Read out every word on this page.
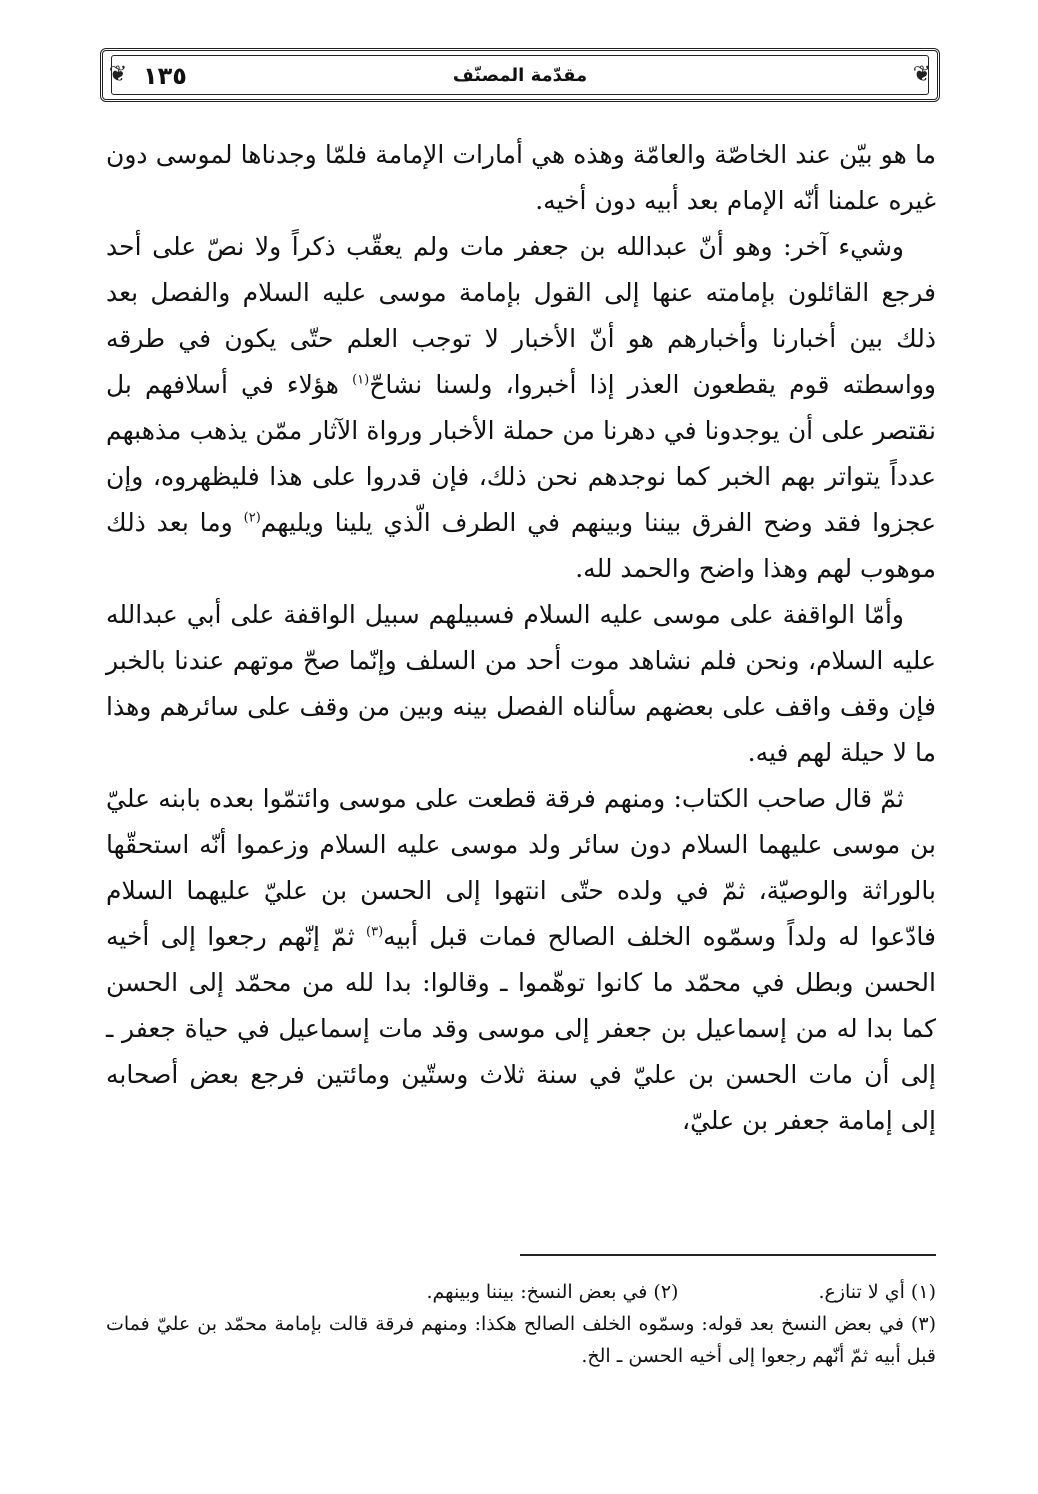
❦ ١٣٥	مقدّمة المصنّف	❦

ما هو بيّن عند الخاصّة والعامّة وهذه هي أمارات الإمامة فلمّا وجدناها لموسى دون غيره علمنا أنّه الإمام بعد أبيه دون أخيه.

وشيء آخر: وهو أنّ عبدالله بن جعفر مات ولم يعقّب ذكراً ولا نصّ على أحد فرجع القائلون بإمامته عنها إلى القول بإمامة موسى عليه السلام والفصل بعد ذلك بين أخبارنا وأخبارهم هو أنّ الأخبار لا توجب العلم حتّى يكون في طرقه وواسطته قوم يقطعون العذر إذا أخبروا، ولسنا نشاحّ$^{(١)}$ هؤلاء في أسلافهم بل نقتصر على أن يوجدونا في دهرنا من حملة الأخبار ورواة الآثار ممّن يذهب مذهبهم عدداً يتواتر بهم الخبر كما نوجدهم نحن ذلك، فإن قدروا على هذا فليظهروه، وإن عجزوا فقد وضح الفرق بيننا وبينهم في الطرف الّذي يلينا ويليهم$^{(٢)}$ وما بعد ذلك موهوب لهم وهذا واضح والحمد لله.

وأمّا الواقفة على موسى عليه السلام فسبيلهم سبيل الواقفة على أبي عبدالله عليه السلام، ونحن فلم نشاهد موت أحد من السلف وإنّما صحّ موتهم عندنا بالخبر فإن وقف واقف على بعضهم سألناه الفصل بينه وبين من وقف على سائرهم وهذا ما لا حيلة لهم فيه.

ثمّ قال صاحب الكتاب: ومنهم فرقة قطعت على موسى وائتمّوا بعده بابنه عليّ بن موسى عليهما السلام دون سائر ولد موسى عليه السلام وزعموا أنّه استحقّها بالوراثة والوصيّة، ثمّ في ولده حتّى انتهوا إلى الحسن بن عليّ عليهما السلام فادّعوا له ولداً وسمّوه الخلف الصالح فمات قبل أبيه$^{(٣)}$ ثمّ إنّهم رجعوا إلى أخيه الحسن وبطل في محمّد ما كانوا توهّموا ـ وقالوا: بدا لله من محمّد إلى الحسن كما بدا له من إسماعيل بن جعفر إلى موسى وقد مات إسماعيل في حياة جعفر ـ إلى أن مات الحسن بن عليّ في سنة ثلاث وستّين ومائتين فرجع بعض أصحابه إلى إمامة جعفر بن عليّ،

(١) أي لا تنازع.
(٢) في بعض النسخ: بيننا وبينهم.
(٣) في بعض النسخ بعد قوله: وسمّوه الخلف الصالح هكذا: ومنهم فرقة قالت بإمامة محمّد بن عليّ فمات قبل أبيه ثمّ أنّهم رجعوا إلى أخيه الحسن ـ الخ.
